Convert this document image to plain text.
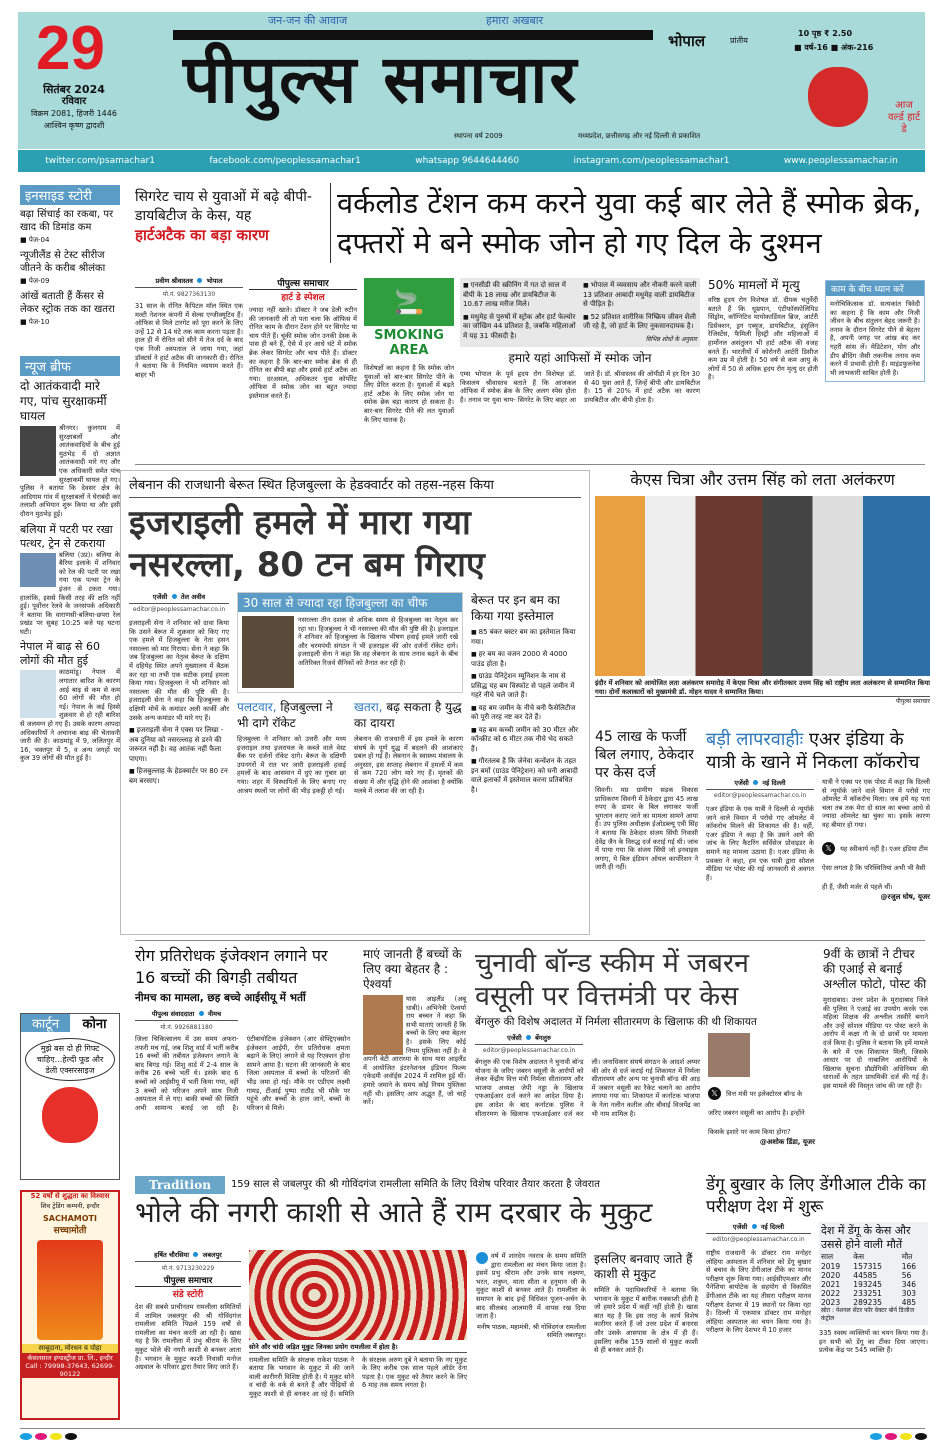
29
सितंबर 2024
रविवार
विक्रम 2081, हिजरी 1446
आश्विन कृष्ण द्वादशी
जन-जन की आवाज	हमारा अखबार
पीपुल्स समाचार	भोपाल	प्रांतीय
10 पृष्ठ ₹ 2.50
■ वर्ष-16 ■ अंक-216
स्थापना वर्ष 2009	मध्यप्रदेश, छत्तीसगढ़ और नई दिल्ली से प्रकाशित
आज वर्ल्ड हार्ट डे
twitter.com/psamachar1	facebook.com/peoplessamachar1	whatsapp 9644644460	instagram.com/peoplessamachar1	www.peoplessamachar.in
इनसाइड स्टोरी
बढ़ा सिंचाई का रकबा, पर खाद की डिमांड कम
■ पेज-04
न्यूजीलैंड से टेस्ट सीरीज जीतने के करीब श्रीलंका
■ पेज-09
आंखें बताती हैं कैंसर से लेकर स्ट्रोक तक का खतरा
■ पेज-10
न्यूज ब्रीफ
दो आतंकवादी मारे गए, पांच सुरक्षाकर्मी घायल
श्रीनगर। कुलगाम में सुरक्षाबलों और आतंकवादियों के बीच हुई मुठभेड़ में दो अज्ञात आतंकवादी मारे गए और एक अधिकारी समेत पांच सुरक्षाकर्मी घायल हो गए। पुलिस ने बताया कि देवसर क्षेत्र के आदिगाम गांव में सुरक्षाबलों ने घेराबंदी कर तलाशी अभियान शुरू किया था और इसी दौरान मुठभेड़ हुई।
बलिया में पटरी पर रखा पत्थर, ट्रेन से टकराया
बलिया (उप्र)। बलिया के बैरिया इलाके में शनिवार को रेल की पटरी पर रखा गया एक पत्थर ट्रेन के इंजन से टकरा गया। हालांकि, इससे किसी तरह की क्षति नहीं हुई। पूर्वोत्तर रेलवे के जनसंपर्क अधिकारी ने बताया कि वाराणसी-बलिया-छपरा रेल प्रखंड पर सुबह 10:25 बजे यह घटना घटी।
नेपाल में बाढ़ से 60 लोगों की मौत हुई
काठमांडू। नेपाल में लगातार बारिश के कारण आई बाढ़ से कम से कम 60 लोगों की मौत हो गई। नेपाल के कई हिस्से शुक्रवार से हो रही बारिश से जलमग्न हो गए हैं। उसके कारण आपदा अधिकारियों ने अचानक बाढ़ की चेतावनी जारी की है। काठमांडू में 9, ललितपुर में 16, भक्तपुर में 5, व अन्य जगहों पर कुल 39 लोगों की मौत हुई है।
कार्टून	कोना
मुझे बस दो ही गिफ्ट चाहिए...हेल्दी फूड और डेली एक्सरसाइज
52 वर्षों से शुद्धता का विश्वास
शिव ट्रेडिंग कम्पनी, इन्दौर
SACHAMOTI
सच्चामोती
साबूदाना, मोरधन व पोहा
कॅसलसाल इण्डस्ट्रीज प्रा. लि., इन्दौर
Call : 79998-37643, 62699-90122
सिगरेट चाय से युवाओं में बढ़े बीपी-डायबिटीज के केस, यह
हार्टअटैक का बड़ा कारण
वर्कलोड टेंशन कम करने युवा कई बार लेते हैं स्मोक ब्रेक, दफ्तरों मे बने स्मोक जोन हो गए दिल के दुश्मन
प्रवीण श्रीवास्तव भोपाल
मो.नं. 9827363130
31 साल के रोनित कैपिटल मॉल स्थित एक मल्टी नेशनल कंपनी में सेल्स एग्जीक्यूटिव हैं। ऑफिस से मिले टारगेट को पूरा करने के लिए उन्हें 12 से 14 घंटे तक काम करना पड़ता है। हाल ही में रोनित को सीने में तेज दर्द के बाद एक निजी अस्पताल ले जाया गया, जहां डॉक्टर्स ने हार्ट अटैक की जानकारी दी। रोनित ने बताया कि वे नियमित व्यायाम करते हैं। बाहर भी
पीपुल्स समाचार
हार्ट डे स्पेशल
ज्यादा नहीं खाते। डॉक्टर ने जब डेली रुटीन की जानकारी ली तो पता चला कि ऑफिस में रोनित काम के दौरान टेंशन होने पर सिगरेट या चाय पीते हैं। चूंकी स्मोक जोन उनकी डेस्क के पास ही बने हैं, ऐसे में हर आधे घंटे में स्मोक ब्रेक लेकर सिगरेट और चाय पीते हैं। डॉक्टर का कहना है कि बार-बार स्मोक ब्रेक से ही रोनित का बीपी बढ़ा और इससे हार्ट अटैक आ गया। दरअसल, अधिकतर युवा कॉर्पोरेट ऑफिस में स्मोक जोन का बहुत ज्यादा इस्तेमाल करते हैं।
🚬
SMOKING AREA
विशेषज्ञों का कहना है कि स्मोक जोन युवाओं को बार-बार सिगरेट पीने के लिए प्रेरित करता है। युवाओं में बढ़ते हार्ट अटैक के लिए स्मोक जोन या स्मोक ब्रेक बड़ा कारण हो सकता है। बार-बार सिगरेट पीने की लत युवाओं के लिए घातक है।
■ एनसीडी की स्क्रीनिंग में गत दो साल में बीपी के 18 लाख और डायबिटीज के 10.67 लाख मरीज मिले।
■ मधुमेह से पुरुषों में स्ट्रोक और हार्ट फेल्योर का जोखिम 44 प्रतिशत है, जबकि महिलाओं में यह 31 फीसदी है।
■ भोपाल में व्यवसाय और नौकरी करने वाली 13 प्रतिशत आबादी मधुमेह वाली डायबिटीज से पीड़ित है।
■ 52 प्रतिशत शारीरिक निष्क्रिय जीवन शैली जी रहे है, जो हार्ट के लिए नुकसानदायक है।
विभिन्न शोधों के अनुसार
हमारे यहां आफिसों में स्मोक जोन
एम्स भोपाल के पूर्व हृदय रोग विशेषज्ञ डॉ. किसलय श्रीवास्तव बताते हैं कि आजकल ऑफिस में स्मोक ब्रेक के लिए अलग स्पेस होता है। तनाव पर युवा चाय- सिगरेट के लिए बाहर आ जाते हैं। डॉ. श्रीवास्तव की ओपीडी में हर दिन 30 से 40 युवा आते हैं, जिन्हें बीपी और डायबिटीज है। 15 से 20% में हार्ट अटैक का कारण डायबिटीज और बीपी होता है।
50% मामलों में मृत्यु
वरिष्ठ हृदय रोग विशेषज्ञ डॉ. दीपक चतुर्वेदी बताते हैं कि धूम्रपान, एंटीफॉस्फोलिपिड सिंड्रोम, कॉग्निटिव मायोकार्डियल ब्रिज, आर्टरी डिसेक्शन, ड्रग एब्यूज, डायबिटीज, इंसुलिन रेजिस्टेंस, फैमिली हिस्ट्री और महिलाओं में हार्मोनल असंतुलन भी हार्ट अटैक की वजह बनते हैं। भारतीयों में कोरोनरी आर्टरी डिसीज कम उम्र में होती है। 50 वर्ष से कम आयु के लोगों में 50 से अधिक हृदय रोग मृत्यु दर होती है।
काम के बीच ध्यान करें
मनोचिकित्सक डॉ. सत्यकांत त्रिवेदी का कहना है कि काम और निजी जीवन के बीच संतुलन बेहद जरूरी है। तनाव के दौरान सिगरेट पीने से बेहतर है, अपनी जगह पर आंख बंद कर गहरी सांस लें। मेडिटेशन, योग और डीप ब्रीदिंग जैसी तकनीक तनाव कम करने में प्रभावी होती हैं। माइंडफुलनेस भी लाभकारी साबित होती है।
लेबनान की राजधानी बेरूत स्थित हिजबुल्ला के हेडक्वार्टर को तहस-नहस किया
इजराइली हमले में मारा गया नसरल्ला, 80 टन बम गिराए
एजेंसी तेल अवीव
editor@peoplessamachar.co.in
इजराइली सेना ने शनिवार को दावा किया कि उसने बेरूत में शुक्रवार को किए गए एक हमले में हिजबुल्ला के नेता हसन नसरल्ला को मार गिराया। सेना ने कहा कि जब हिजबुल्ला का नेतृत्व बेरूत के दक्षिण में दहियेह स्थित अपने मुख्यालय में बैठक कर रहा था तभी एक सटीक हवाई हमला किया गया। हिजबुल्ला ने भी शनिवार को नसरल्ला की मौत की पुष्टि की है। इजराइली सेना ने कहा कि हिजबुल्ला के दक्षिणी मोर्चे के कमांडर अली कार्की और उसके अन्य कमांडर भी मारे गए हैं।
■ इजराइली सेना ने एक्स पर लिखा - अब दुनिया को नसरल्लाह से डरने की जरूरत नहीं है। वह आतंक नहीं फैला पाएगा।
■ हिजबुल्लाह के हेडक्वार्टर पर 80 टन बम बरसाए।
30 साल से ज्यादा रहा हिजबुल्ला का चीफ
नसरल्ला तीन दशक से अधिक समय से हिजबुल्ला का नेतृत्व कर रहा था। हिजबुल्ला ने भी नसरल्ला की मौत की पुष्टि की है। इजराइल ने शनिवार को हिजबुल्ला के खिलाफ भीषण हवाई हमले जारी रखे और चरमपंथी संगठन ने भी इजराइल की ओर दर्जनों रॉकेट दागे। इजराइली सेना ने कहा कि वह लेबनान के साथ तनाव बढ़ने के बीच अतिरिक्त रिजर्व सैनिकों को तैनात कर रही है।
पलटवार, हिजबुल्ला ने भी दागे रॉकेट
हिजबुल्ला ने शनिवार को उत्तरी और मध्य इजराइल तथा इजरायल के कब्जे वाले वेस्ट बैंक पर दर्जनों रॉकेट दागे। बेरूत के दक्षिणी उपनगरों में रात भर जारी इजराइली हवाई हमलों के बाद आसमान में धुएं का गुबार छा गया। शहर में विस्थापितों के लिए बनाए गए आश्रय स्थलों पर लोगों की भीड़ इकट्ठी हो गई।
खतरा, बढ़ सकता है युद्ध का दायरा
लेबनान की राजधानी में इस हमले के कारण संघर्ष के पूर्ण युद्ध में बदलने की आशंकाएं प्रबल हो गई हैं। लेबनान के स्वास्थ्य मंत्रालय के अनुसार, इस सप्ताह लेबनान में हमलों में कम से कम 720 लोग मारे गए हैं। मृतकों की संख्या में और वृद्धि होने की आशंका है क्योंकि मलबे में तलाश की जा रही है।
बेरूत पर इन बम का किया गया इस्तेमाल
■ 85 बंकर बस्टर बम का इस्तेमाल किया गया।
■ हर बम का वजन 2000 से 4000 पाउंड होता है।
■ ग्राउंड पेनिट्रेशन म्यूनिशन के नाम से प्रसिद्ध यह बम विस्फोट से पहले जमीन में गहरे नीचे चले जाते हैं।
■ यह बम जमीन के नीचे बनी फैसेलिटीज को पूरी तरह नष्ट कर देते हैं।
■ यह बम कच्ची जमीन को 30 मीटर और कॉन्क्रीट को 6 मीटर तक नीचे भेद सकते हैं।
■ गौरतलब है कि जेनेवा कन्वेंशन के तहत इन बमों (ग्राउंड पेनिट्रेशन) को घनी आबादी वाले इलाकों में इस्तेमाल करना प्रतिबंधित है।
केएस चित्रा और उत्तम सिंह को लता अलंकरण
इंदौर में शनिवार को आयोजित लता अलंकरण समारोह में केएस चित्रा और संगीतकार उत्तम सिंह को राष्ट्रीय लता अलंकरण से सम्मानित किया गया। दोनों कलाकारों को मुख्यमंत्री डॉ. मोहन यादव ने सम्मानित किया।
पीपुल्स समाचार
45 लाख के फर्जी बिल लगाए, ठेकेदार पर केस दर्ज
सिवनी। मप्र ग्रामीण सड़क विकास प्राधिकरण सिवनी में ठेकेदार द्वारा 45 लाख रुपए के डामर के बिल लगाकर फर्जी भुगतान कराए जाने का मामला सामने आया है। उप पुलिस अधीक्षक ईओडब्ल्यू एवी सिंह ने बताया कि ठेकेदार संजय सिंघी निवासी देवेंद्र जैन के विरुद्ध दर्ज कराई गई थी। जांच में पाया गया कि संजय सिंघी जो इनवाइस लगाए, ये बिल इंडियन ऑयल कार्पोरेशन ने जारी ही नहीं।
बड़ी लापरवाहीः एअर इंडिया के यात्री के खाने में निकला कॉकरोच
एजेंसी नई दिल्ली
editor@peoplessamachar.co.in
एअर इंडिया के एक यात्री ने दिल्ली से न्यूयॉर्क जाने वाले विमान में परोसे गए ऑमलेट में कॉकरोच मिलने की शिकायत की है। वहीं, एअर इंडिया ने कहा है कि उसने आगे की जांच के लिए कैटरिंग सर्विसेज प्रोवाइडर के समाने यह मामला उठाया है। एअर इंडिया के प्रवक्ता ने कहा, हम एक यात्री द्वारा सोशल मीडिया पर पोस्ट की गई जानकारी से अवगत हैं।
यात्री ने एक्स पर एक पोस्ट में कहा कि दिल्ली से न्यूयॉर्क जाने वाले विमान में परोसे गए ऑमलेट में कॉकरोच मिला। जब हमें यह पता चला तब तक मेरा दो साल का बच्चा आधे से ज्यादा ऑमलेट खा चुका था। इसके कारण वह बीमार हो गया।
𝕏 यह स्वीकार्य नहीं है। एअर इंडिया टीम ऐसा लगता है कि परिस्थितियां अभी भी वैसी ही हैं, जैसी मर्जर से पहले थीं।
@रजुल घोष, यूजर
रोग प्रतिरोधक इंजेक्शन लगाने पर 16 बच्चों की बिगड़ी तबीयत
नीमच का मामला, छह बच्चे आईसीयू में भर्ती
पीपुल्स संवाददाता नीमच
मो.नं. 9926881180
जिला चिकित्सालय में उस समय अफरा-तफरी मच गई, जब शिशु वार्ड में भर्ती करीब 16 बच्चों की तबीयत इंजेक्शन लगाने के बाद बिगड़ गई। शिशु वार्ड में 2-4 साल के करीब 26 बच्चे भर्ती थे। इसके बाद 6 बच्चों को आईसीयू में भर्ती किया गया, वहीं 3 बच्चों को परिजन अपने साथ निजी अस्पताल में ले गए। बाकी बच्चों की स्थिति अभी सामान्य बताई जा रही है। एंटीबायोटिक इंजेक्शन (आर सेफ्ट्रिएक्सोन इंजेक्शन आईपी, रोग प्रतिरोधक क्षमता बढ़ाने के लिए) लगाने से यह रिएक्शन होना सामने आया है। घटना की जानकारी के बाद जिला अस्पताल में बच्चों के परिजनों की भीड़ जमा हो गई। मौके पर एडीएम लक्ष्मी गामड़, टीआई पुष्पा राठौड़ भी मौके पर पहुंचे और बच्चों के हाल जाने, बच्चों के परिजन से मिले।
माएं जानती हैं बच्चों के लिए क्या बेहतर है : ऐश्वर्या
यास आइलैंड (अबू धाबी)। अभिनेत्री ऐश्वर्या राय बच्चन ने कहा कि सभी माताएं जानती हैं कि बच्चों के लिए क्या बेहतर है। इसके लिए कोई नियम पुस्तिका नहीं है। वे अपनी बेटी आराध्या के साथ यास आइलैंड में आयोजित इंटरनेशनल इंडियन फिल्म एकेडमी अवॉर्ड्स 2024 में शामिल हुई थीं। हमारे जमाने के समय कोई नियम पुस्तिका नहीं थी। इसलिए आप अद्भुत हैं, जो चाहें करें।
चुनावी बॉन्ड स्कीम में जबरन वसूली पर वित्तमंत्री पर केस
बेंगलुरु की विशेष अदालत में निर्मला सीतारमण के खिलाफ की थी शिकायत
एजेंसी बेंगलुरु
editor@peoplessamachar.co.in
बेंगलुरु की एक विशेष अदालत ने चुनावी बॉन्ड योजना के जरिए जबरन वसूली के आरोपों को लेकर केंद्रीय वित्त मंत्री निर्मला सीतारमण और भाजपा अध्यक्ष जेपी नड्डा के खिलाफ एफआईआर दर्ज करने का आदेश दिया है। इस आदेश के बाद कर्नाटक पुलिस ने सीतारमण के खिलाफ एफआईआर दर्ज कर ली। जनाधिकार संघर्ष संगठन के आदर्श अय्यर की ओर से दर्ज कराई गई शिकायत में निर्मला सीतारमण और अन्य पर चुनावी बॉन्ड की आड़ में जबरन वसूली का रैकेट चलाने का आरोप लगाया गया था। शिकायत में कर्नाटक भाजपा के नेता नलीन कतील और बीवाई विजयेंद्र का भी नाम शामिल है।
𝕏 वित्त मंत्री पर इलेक्टोरल बॉन्ड के जरिए जबरन वसूली का आरोप है। इन्होंने किसके इशारे पर काम किया होगा?
@अशोक डिंडा, यूजर
9वीं के छात्रों ने टीचर की एआई से बनाई अश्लील फोटो, पोस्ट की
मुरादाबाद। उत्तर प्रदेश के मुरादाबाद जिले की पुलिस ने एआई का उपयोग करके एक महिला शिक्षक की अश्लील तस्वीरें बनाने और उन्हें सोशल मीडिया पर पोस्ट करने के आरोप में कक्षा नौ के दो छात्रों पर मामला दर्ज किया है। पुलिस ने बताया कि हमें मामले के बारे में एक शिकायत मिली, जिसके आधार पर दो नाबालिग आरोपियों के खिलाफ सूचना प्रौद्योगिकी अधिनियम की धाराओं के तहत प्राथमिकी दर्ज की गई है। इस मामले की विस्तृत जांच की जा रही है।
Tradition	159 साल से जबलपुर की श्री गोविंदगंज रामलीला समिति के लिए विशेष परिवार तैयार करता है जेवरात
भोले की नगरी काशी से आते हैं राम दरबार के मुकुट
हर्षित चौरसिया जबलपुर
मो.नं. 9713230229
पीपुल्स समाचार
संडे स्टोरी
देश की सबसे प्राचीनतम रामलीला समितियों में शामिल जबलपुर की श्री गोविंदगंज रामलीला समिति पिछले 159 वर्षों से रामलीला का मंचन करती आ रही है। खास यह है कि रामलीला में प्रभु श्रीराम के लिए मुकुट भोले की नगरी काशी से बनकर आता है। भगवान के मुकुट काशी निवासी मनोज अग्रवाल के परिवार द्वारा तैयार किए जाते हैं।
सोने और चांदी जड़ित मुकुट जिनका प्रयोग रामलीला में होता है।
रामलीला समिति के संरक्षक राकेश पाठक ने बताया कि भगवान के मुकुट में की जाने वाली कारीगरी विशिष्ट होती है। ये मुकुट सोने व चांदी के वर्क से बनते हैं और पीढ़ियों से मुकुट काशी से ही बनकर आ रहे हैं। समिति के संरक्षक अरुण दुबे ने बताया कि नए मुकुट के लिए करीब एक साल पहले ऑर्डर देना पड़ता है। एक मुकुट को तैयार करने के लिए 6 माह तक समय लगता है।
वर्ष में शारदेय नवरात्र के समय समिति द्वारा रामलीला का मंचन किया जाता है। इसमें प्रभु श्रीराम और उनके साथ लक्ष्मण, भरत, शत्रुघ्न, माता सीता व हनुमान जी के मुकुट काशी से बनकर आते हैं। रामलीला के समापन के बाद इन्हें विधिवत पूजन-अर्चन के बाद सीलबंद आलमारी में वापस रख दिया जाता है।
मनीष पाठक, महामंत्री, श्री गोविंदगंज रामलीला समिति जबलपुर।
इसलिए बनवाए जाते हैं काशी से मुकुट
समिति के पदाधिकारियों ने बताया कि भगवान के मुकुट में बारीक नक्काशी होती है जो हमारे प्रदेश में कहीं नहीं होती है। खास बात यह है कि इस तरह के कार्य विशेष कारीगर करते हैं जो उत्तर प्रदेश में बनारस और उसके आसपास के क्षेत्र में ही हैं। इसलिए करीब 159 सालों से मुकुट काशी से ही बनकर आते हैं।
डेंगू बुखार के लिए डेंगीआल टीके का परीक्षण देश में शुरू
एजेंसी नई दिल्ली
editor@peoplessamachar.co.in
राष्ट्रीय राजधानी के डॉक्टर राम मनोहर लोहिया अस्पताल में शनिवार को डेंगू बुखार से बचाव के लिए डेंगीआल टीके का मानव परीक्षण शुरू किया गया। आईसीएमआर और पैनेशिया बायोटेक के सहयोग से विकसित डेंगीआल टीके का यह तीसरा परीक्षण मानव परीक्षण देशभर में 19 स्थानों पर किया रहा है। दिल्ली में एकमात्र डॉक्टर राम मनोहर लोहिया अस्पताल का चयन किया गया है। परीक्षण के लिए देशभर में 10 हजार
देश में डेंगू के केस और उससे होने वाली मौतें
साल	केस	मौत
2019	157315	166
2020	44585	56
2021	193245	346
2022	233251	303
2023	289235	485
स्रोत : नेशनल सेंटर फॉर वेक्टर बोर्न डिजीज कंट्रोल
335 स्वस्थ व्यक्तियों का चयन किया गया है। इन सभी को डेंगू का टीका दिया जाएगा। प्रत्येक केंद्र पर 545 व्यक्ति हैं।
